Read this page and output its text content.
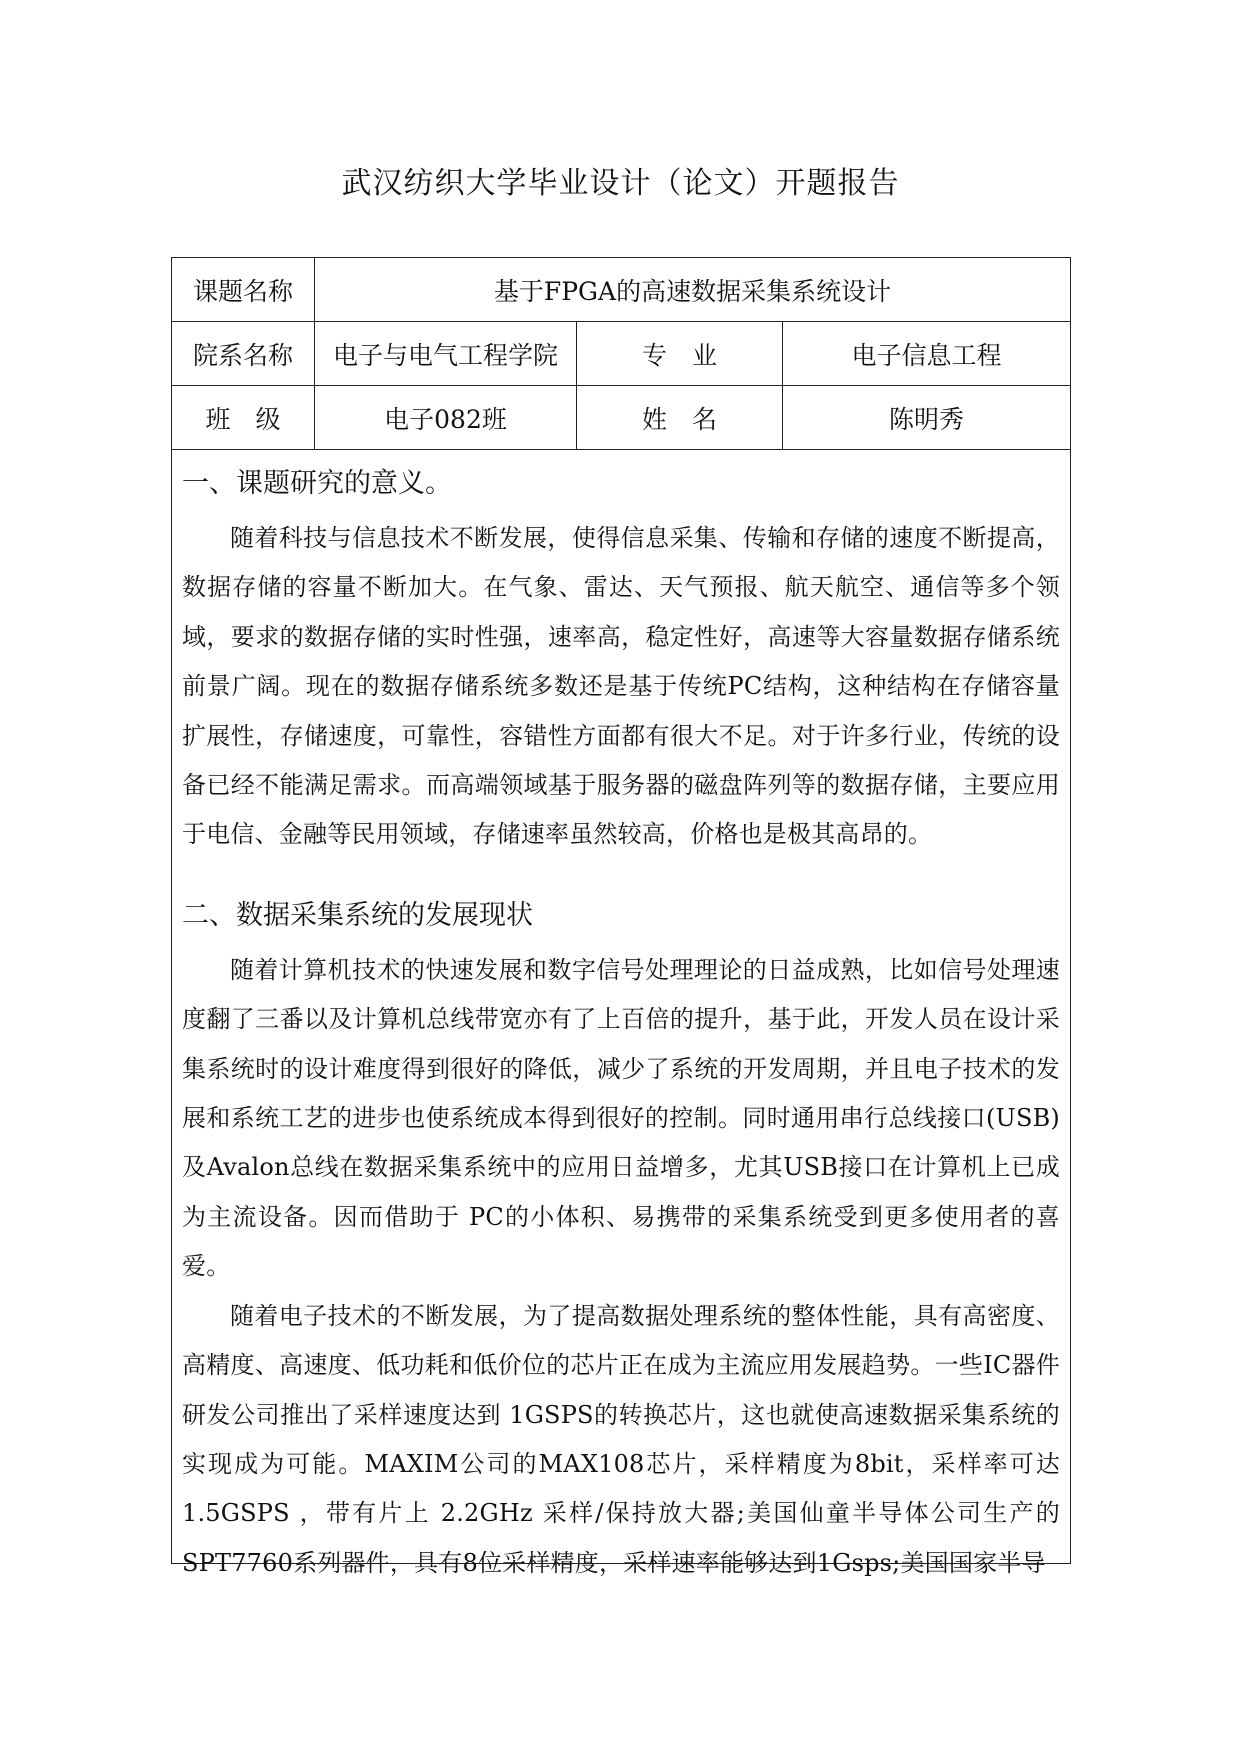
武汉纺织大学毕业设计（论文）开题报告
课题名称	基于FPGA的高速数据采集系统设计
院系名称	电子与电气工程学院	专　业	电子信息工程
班　级	电子082班	姓　名	陈明秀
一、课题研究的意义。

随着科技与信息技术不断发展，使得信息采集、传输和存储的速度不断提高，数据存储的容量不断加大。在气象、雷达、天气预报、航天航空、通信等多个领域，要求的数据存储的实时性强，速率高，稳定性好，高速等大容量数据存储系统前景广阔。现在的数据存储系统多数还是基于传统PC结构，这种结构在存储容量扩展性，存储速度，可靠性，容错性方面都有很大不足。对于许多行业，传统的设备已经不能满足需求。而高端领域基于服务器的磁盘阵列等的数据存储，主要应用于电信、金融等民用领域，存储速率虽然较高，价格也是极其高昂的。

二、数据采集系统的发展现状

随着计算机技术的快速发展和数字信号处理理论的日益成熟，比如信号处理速度翻了三番以及计算机总线带宽亦有了上百倍的提升，基于此，开发人员在设计采集系统时的设计难度得到很好的降低，减少了系统的开发周期，并且电子技术的发展和系统工艺的进步也使系统成本得到很好的控制。同时通用串行总线接口(USB)及Avalon总线在数据采集系统中的应用日益增多，尤其USB接口在计算机上已成为主流设备。因而借助于 PC的小体积、易携带的采集系统受到更多使用者的喜爱。

随着电子技术的不断发展，为了提高数据处理系统的整体性能，具有高密度、高精度、高速度、低功耗和低价位的芯片正在成为主流应用发展趋势。一些IC器件研发公司推出了采样速度达到 1GSPS的转换芯片，这也就使高速数据采集系统的实现成为可能。MAXIM公司的MAX108芯片，采样精度为8bit，采样率可达1.5GSPS ，带有片上 2.2GHz 采样/保持放大器;美国仙童半导体公司生产的SPT7760系列器件，具有8位采样精度，采样速率能够达到1Gsps;美国国家半导
